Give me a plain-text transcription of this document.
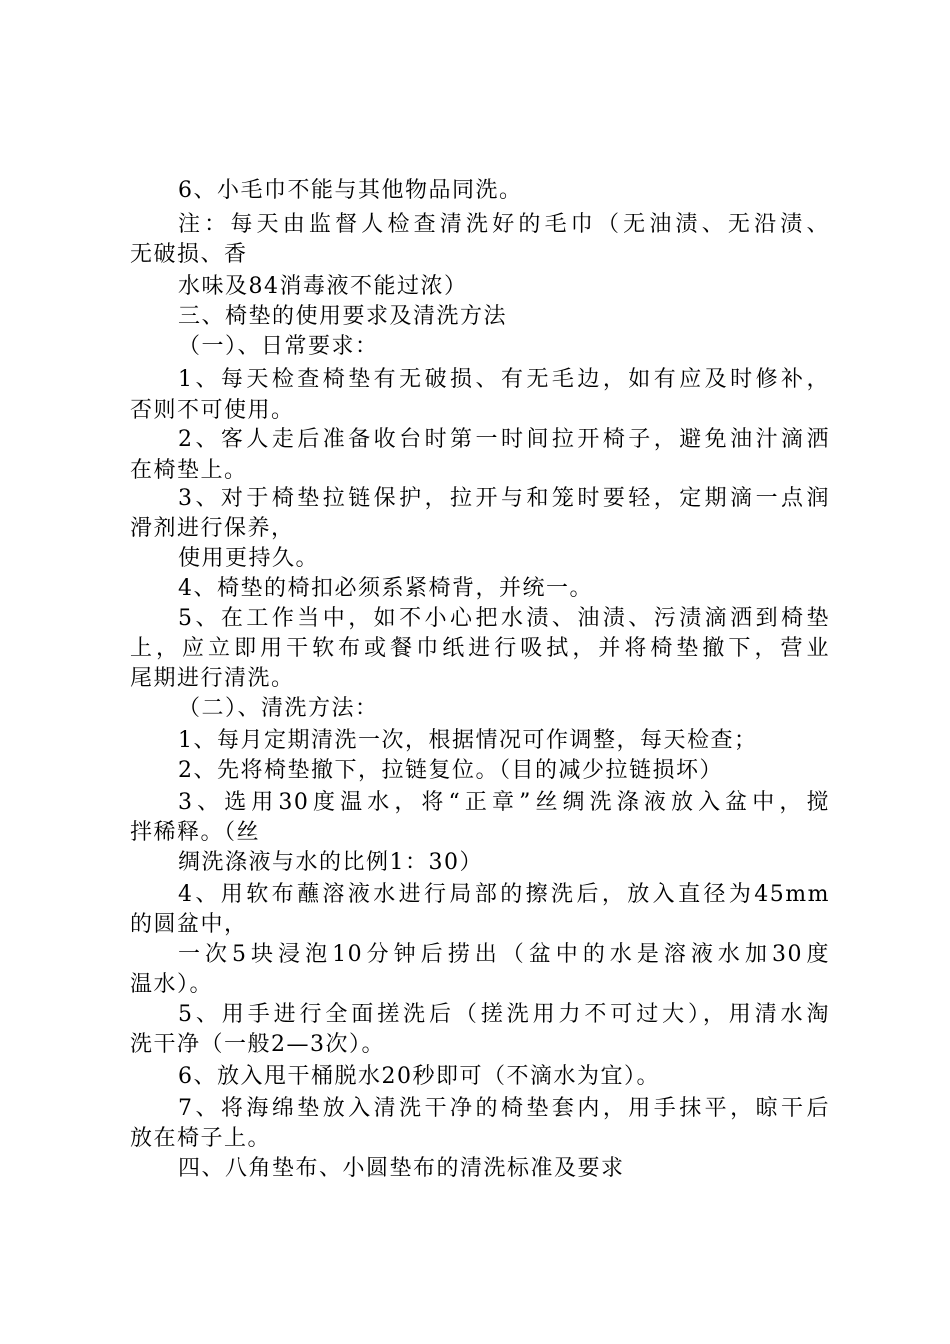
6、小毛巾不能与其他物品同洗。
注：每天由监督人检查清洗好的毛巾（无油渍、无沿渍、
无破损、香
水味及84消毒液不能过浓）
三、椅垫的使用要求及清洗方法
（一）、日常要求：
1、每天检查椅垫有无破损、有无毛边，如有应及时修补，
否则不可使用。
2、客人走后准备收台时第一时间拉开椅子，避免油汁滴洒
在椅垫上。
3、对于椅垫拉链保护，拉开与和笼时要轻，定期滴一点润
滑剂进行保养，
使用更持久。
4、椅垫的椅扣必须系紧椅背，并统一。
5、在工作当中，如不小心把水渍、油渍、污渍滴洒到椅垫
上，应立即用干软布或餐巾纸进行吸拭，并将椅垫撤下，营业
尾期进行清洗。
（二）、清洗方法：
1、每月定期清洗一次，根据情况可作调整，每天检查；
2、先将椅垫撤下，拉链复位。（目的减少拉链损坏）
3、选用30度温水，将“正章”丝绸洗涤液放入盆中，搅
拌稀释。（丝
绸洗涤液与水的比例1：30）
4、用软布蘸溶液水进行局部的擦洗后，放入直径为45mm
的圆盆中，
一次5块浸泡10分钟后捞出（盆中的水是溶液水加30度
温水）。
5、用手进行全面搓洗后（搓洗用力不可过大），用清水淘
洗干净（一般2—3次）。
6、放入甩干桶脱水20秒即可（不滴水为宜）。
7、将海绵垫放入清洗干净的椅垫套内，用手抹平，晾干后
放在椅子上。
四、八角垫布、小圆垫布的清洗标准及要求
